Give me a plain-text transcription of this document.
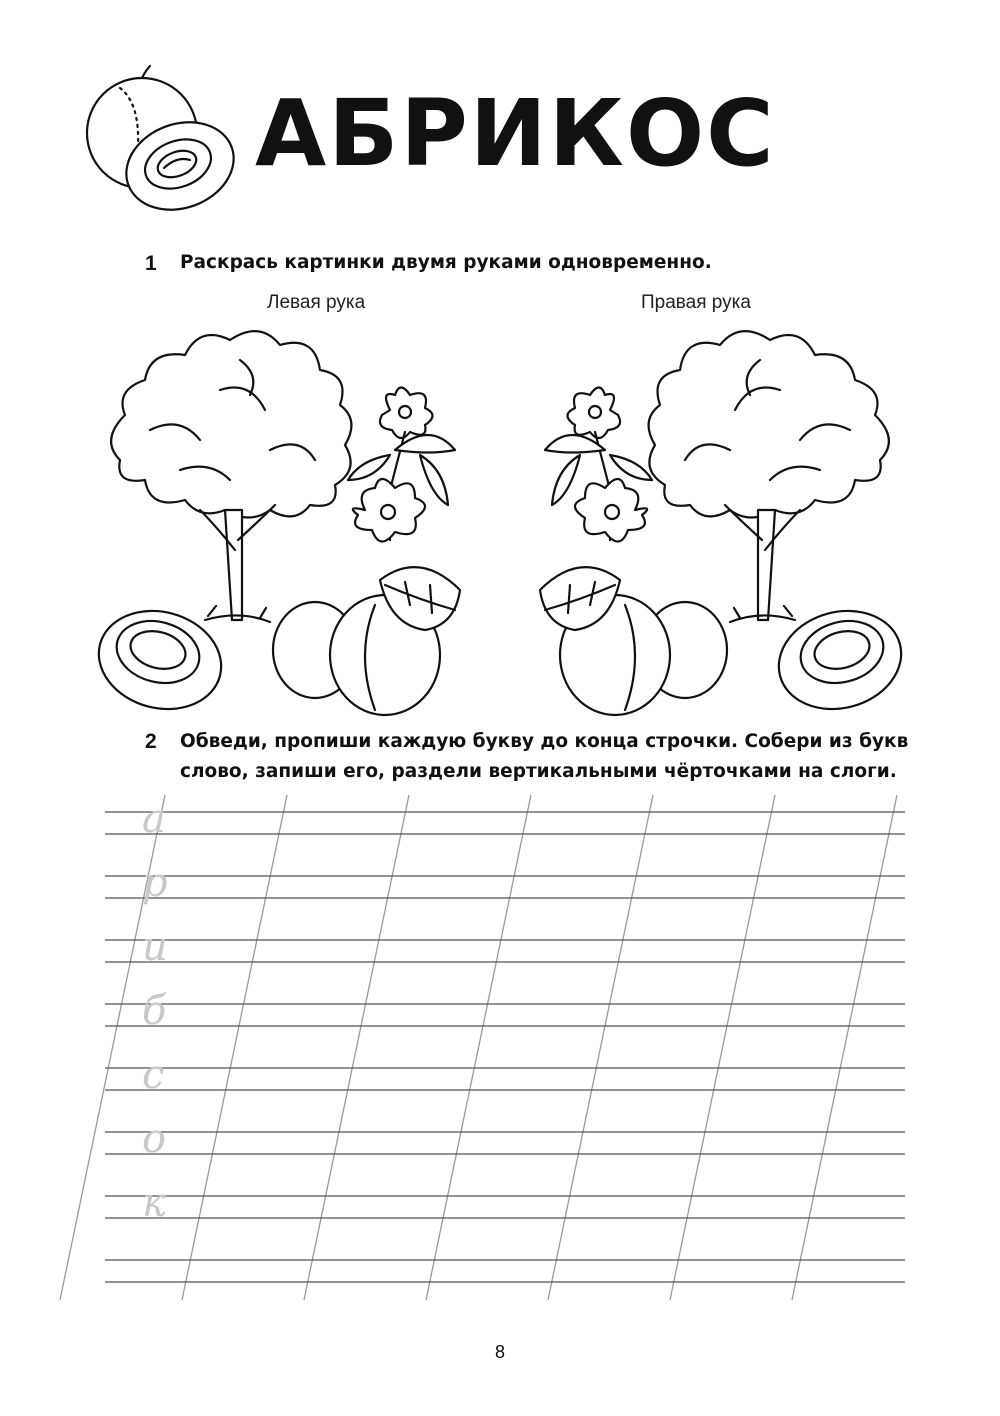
АБРИКОС
1 Раскрась картинки двумя руками одновременно.
Левая рука	Правая рука
2 Обведи, пропиши каждую букву до конца строчки. Собери из букв
слово, запиши его, раздели вертикальными чёрточками на слоги.
а
р
и
б
с
о
к
8
